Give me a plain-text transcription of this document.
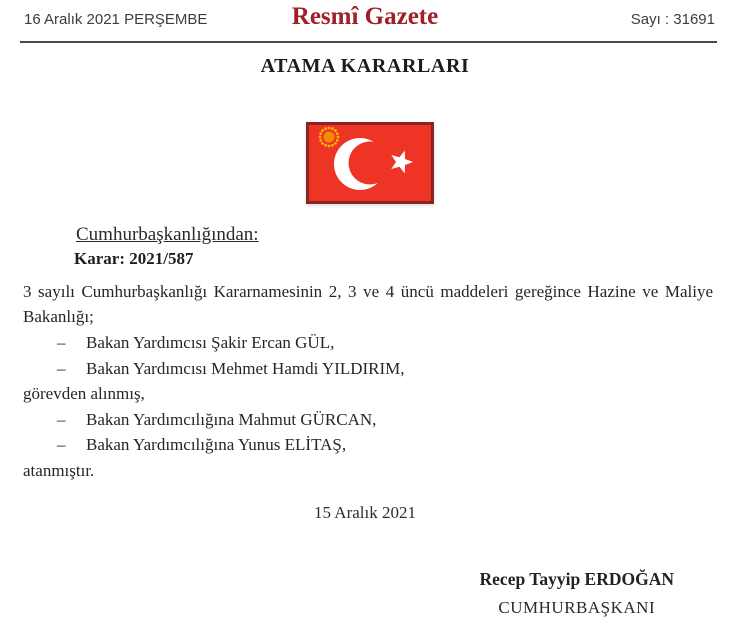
16 Aralık 2021 PERŞEMBE	Resmî Gazete	Sayı : 31691
ATAMA KARARLARI
Cumhurbaşkanlığından:
Karar: 2021/587
3 sayılı Cumhurbaşkanlığı Kararnamesinin 2, 3 ve 4 üncü maddeleri gereğince Hazine ve Maliye Bakanlığı;
– Bakan Yardımcısı Şakir Ercan GÜL,
– Bakan Yardımcısı Mehmet Hamdi YILDIRIM,
görevden alınmış,
– Bakan Yardımcılığına Mahmut GÜRCAN,
– Bakan Yardımcılığına Yunus ELİTAŞ,
atanmıştır.
15 Aralık 2021
Recep Tayyip ERDOĞAN
CUMHURBAŞKANI
